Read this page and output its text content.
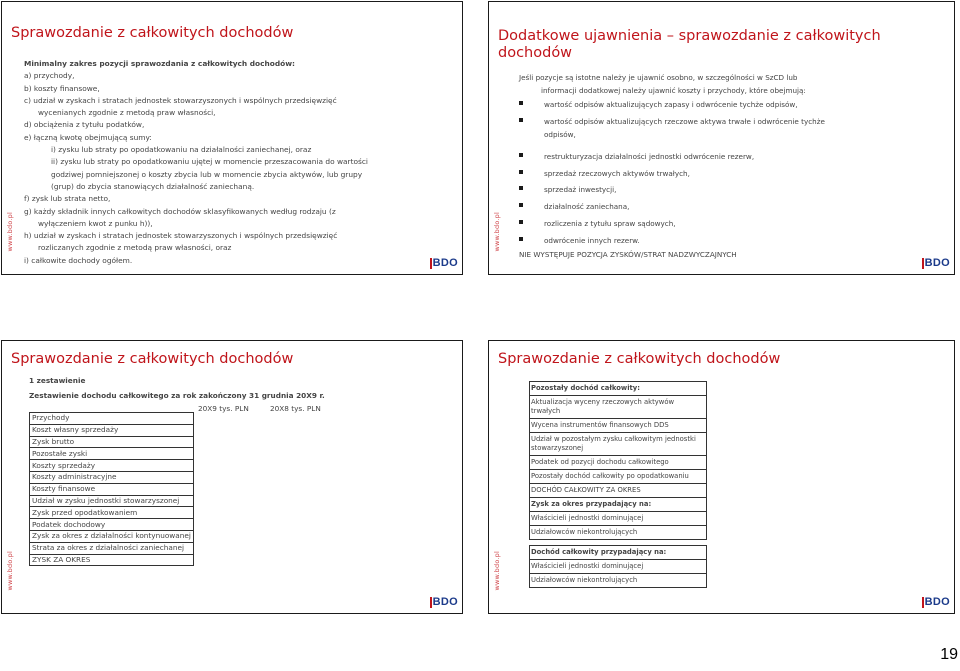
Sprawozdanie z całkowitych dochodów
Minimalny zakres pozycji sprawozdania z całkowitych dochodów:
a) przychody,
b) koszty finansowe,
c) udział w zyskach i stratach jednostek stowarzyszonych i wspólnych przedsięwzięć
wycenianych zgodnie z metodą praw własności,
d) obciążenia z tytułu podatków,
e) łączną kwotę obejmującą sumy:
i) zysku lub straty po opodatkowaniu na działalności zaniechanej, oraz
ii) zysku lub straty po opodatkowaniu ujętej w momencie przeszacowania do wartości
godziwej pomniejszonej o koszty zbycia lub w momencie zbycia aktywów, lub grupy
(grup) do zbycia stanowiących działalność zaniechaną.
f) zysk lub strata netto,
g) każdy składnik innych całkowitych dochodów sklasyfikowanych według rodzaju (z
wyłączeniem kwot z punku h)),
h) udział w zyskach i stratach jednostek stowarzyszonych i wspólnych przedsięwzięć
rozliczanych zgodnie z metodą praw własności, oraz
i) całkowite dochody ogółem.
www.bdo.pl
BDO
Dodatkowe ujawnienia – sprawozdanie z całkowitych
dochodów
Jeśli pozycje są istotne należy je ujawnić osobno, w szczególności w SzCD lub
informacji dodatkowej należy ujawnić koszty i przychody, które obejmują:
wartość odpisów aktualizujących zapasy i odwrócenie tychże odpisów,
wartość odpisów aktualizujących rzeczowe aktywa trwałe i odwrócenie tychże odpisów,
restrukturyzacja działalności jednostki odwrócenie rezerw,
sprzedaż rzeczowych aktywów trwałych,
sprzedaż inwestycji,
działalność zaniechana,
rozliczenia z tytułu spraw sądowych,
odwrócenie innych rezerw.
NIE WYSTĘPUJE POZYCJA ZYSKÓW/STRAT NADZWYCZAJNYCH
www.bdo.pl
BDO
Sprawozdanie z całkowitych dochodów
1 zestawienie
Zestawienie dochodu całkowitego za rok zakończony 31 grudnia 20X9 r.
20X9 tys. PLN	20X8 tys. PLN
Przychody
Koszt własny sprzedaży
Zysk brutto
Pozostałe zyski
Koszty sprzedaży
Koszty administracyjne
Koszty finansowe
Udział w zysku jednostki stowarzyszonej
Zysk przed opodatkowaniem
Podatek dochodowy
Zysk za okres z działalności kontynuowanej
Strata za okres z działalności zaniechanej
ZYSK ZA OKRES
www.bdo.pl
BDO
Sprawozdanie z całkowitych dochodów
Pozostały dochód całkowity:
Aktualizacja wyceny rzeczowych aktywów trwałych
Wycena instrumentów finansowych DDS
Udział w pozostałym zysku całkowitym jednostki stowarzyszonej
Podatek od pozycji dochodu całkowitego
Pozostały dochód całkowity po opodatkowaniu
DOCHÓD CAŁKOWITY ZA OKRES
Zysk za okres przypadający na:
Właścicieli jednostki dominującej
Udziałowców niekontrolujących

Dochód całkowity przypadający na:
Właścicieli jednostki dominującej
Udziałowców niekontrolujących
www.bdo.pl
BDO
19
